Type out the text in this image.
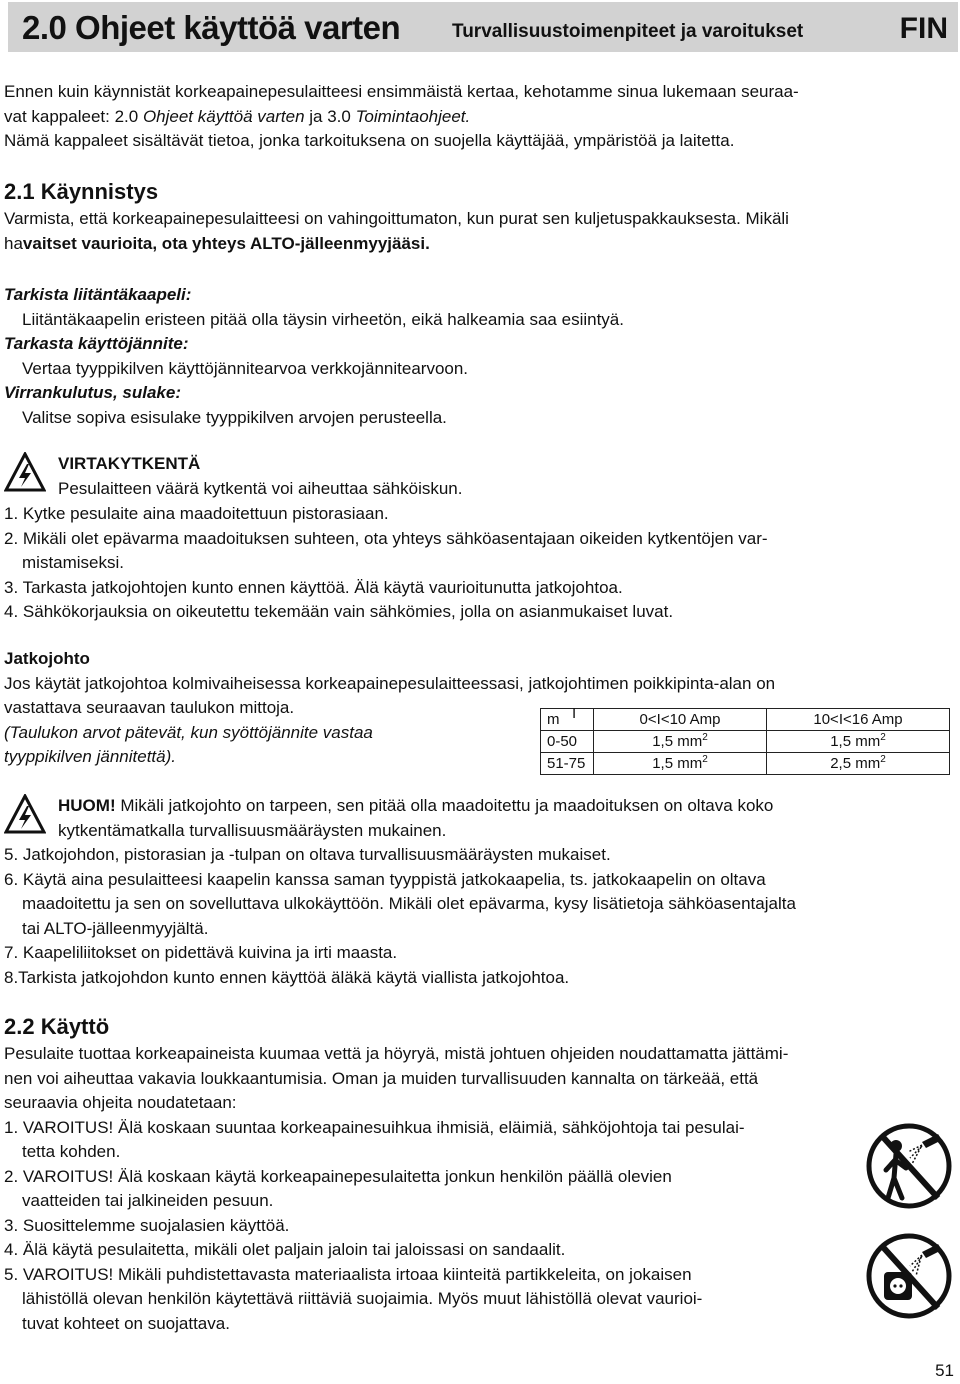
2.0 Ohjeet käyttöä varten	Turvallisuustoimenpiteet ja varoitukset	FIN

Ennen kuin käynnistät korkeapainepesulaitteesi ensimmäistä kertaa, kehotamme sinua lukemaan seuraa-

vat kappaleet: 2.0 Ohjeet käyttöä varten ja 3.0 Toimintaohjeet.

Nämä kappaleet sisältävät tietoa, jonka tarkoituksena on suojella käyttäjää, ympäristöä ja laitetta.

2.1 Käynnistys

Varmista, että korkeapainepesulaitteesi on vahingoittumaton, kun purat sen kuljetuspakkauksesta. Mikäli

havaitset vaurioita, ota yhteys ALTO-jälleenmyyjääsi.

Tarkista liitäntäkaapeli:

Liitäntäkaapelin eristeen pitää olla täysin virheetön, eikä halkeamia saa esiintyä.

Tarkasta käyttöjännite:

Vertaa tyyppikilven käyttöjännitearvoa verkkojännitearvoon.

Virrankulutus, sulake:

Valitse sopiva esisulake tyyppikilven arvojen perusteella.

VIRTAKYTKENTÄ

Pesulaitteen väärä kytkentä voi aiheuttaa sähköiskun.

1. Kytke pesulaite aina maadoitettuun pistorasiaan.

2. Mikäli olet epävarma maadoituksen suhteen, ota yhteys sähköasentajaan oikeiden kytkentöjen var-

mistamiseksi.

3. Tarkasta jatkojohtojen kunto ennen käyttöä. Älä käytä vaurioitunutta jatkojohtoa.

4. Sähkökorjauksia on oikeutettu tekemään vain sähkömies, jolla on asianmukaiset luvat.

Jatkojohto

Jos käytät jatkojohtoa kolmivaiheisessa korkeapainepesulaitteessasi, jatkojohtimen poikkipinta-alan on

vastattava seuraavan taulukon mittoja.

(Taulukon arvot pätevät, kun syöttöjännite vastaa

tyyppikilven jännitettä).

m I	0<I<10 Amp	10<I<16 Amp
0-50	1,5 $mm^2$	1,5 $mm^2$
51-75	1,5 $mm^2$	2,5 $mm^2$

HUOM! Mikäli jatkojohto on tarpeen, sen pitää olla maadoitettu ja maadoituksen on oltava koko

kytkentämatkalla turvallisuusmääräysten mukainen.

5. Jatkojohdon, pistorasian ja -tulpan on oltava turvallisuusmääräysten mukaiset.

6. Käytä aina pesulaitteesi kaapelin kanssa saman tyyppistä jatkokaapelia, ts. jatkokaapelin on oltava

maadoitettu ja sen on sovelluttava ulkokäyttöön. Mikäli olet epävarma, kysy lisätietoja sähköasentajalta

tai ALTO-jälleenmyyjältä.

7. Kaapeliliitokset on pidettävä kuivina ja irti maasta.

8.Tarkista jatkojohdon kunto ennen käyttöä äläkä käytä viallista jatkojohtoa.

2.2 Käyttö

Pesulaite tuottaa korkeapaineista kuumaa vettä ja höyryä, mistä johtuen ohjeiden noudattamatta jättämi-

nen voi aiheuttaa vakavia loukkaantumisia. Oman ja muiden turvallisuuden kannalta on tärkeää, että

seuraavia ohjeita noudatetaan:

1. VAROITUS! Älä koskaan suuntaa korkeapainesuihkua ihmisiä, eläimiä, sähköjohtoja tai pesulai-

tetta kohden.

2. VAROITUS! Älä koskaan käytä korkeapainepesulaitetta jonkun henkilön päällä olevien

vaatteiden tai jalkineiden pesuun.

3. Suosittelemme suojalasien käyttöä.

4. Älä käytä pesulaitetta, mikäli olet paljain jaloin tai jaloissasi on sandaalit.

5. VAROITUS! Mikäli puhdistettavasta materiaalista irtoaa kiinteitä partikkeleita, on jokaisen

lähistöllä olevan henkilön käytettävä riittäviä suojaimia. Myös muut lähistöllä olevat vaurioi-

tuvat kohteet on suojattava.

51
